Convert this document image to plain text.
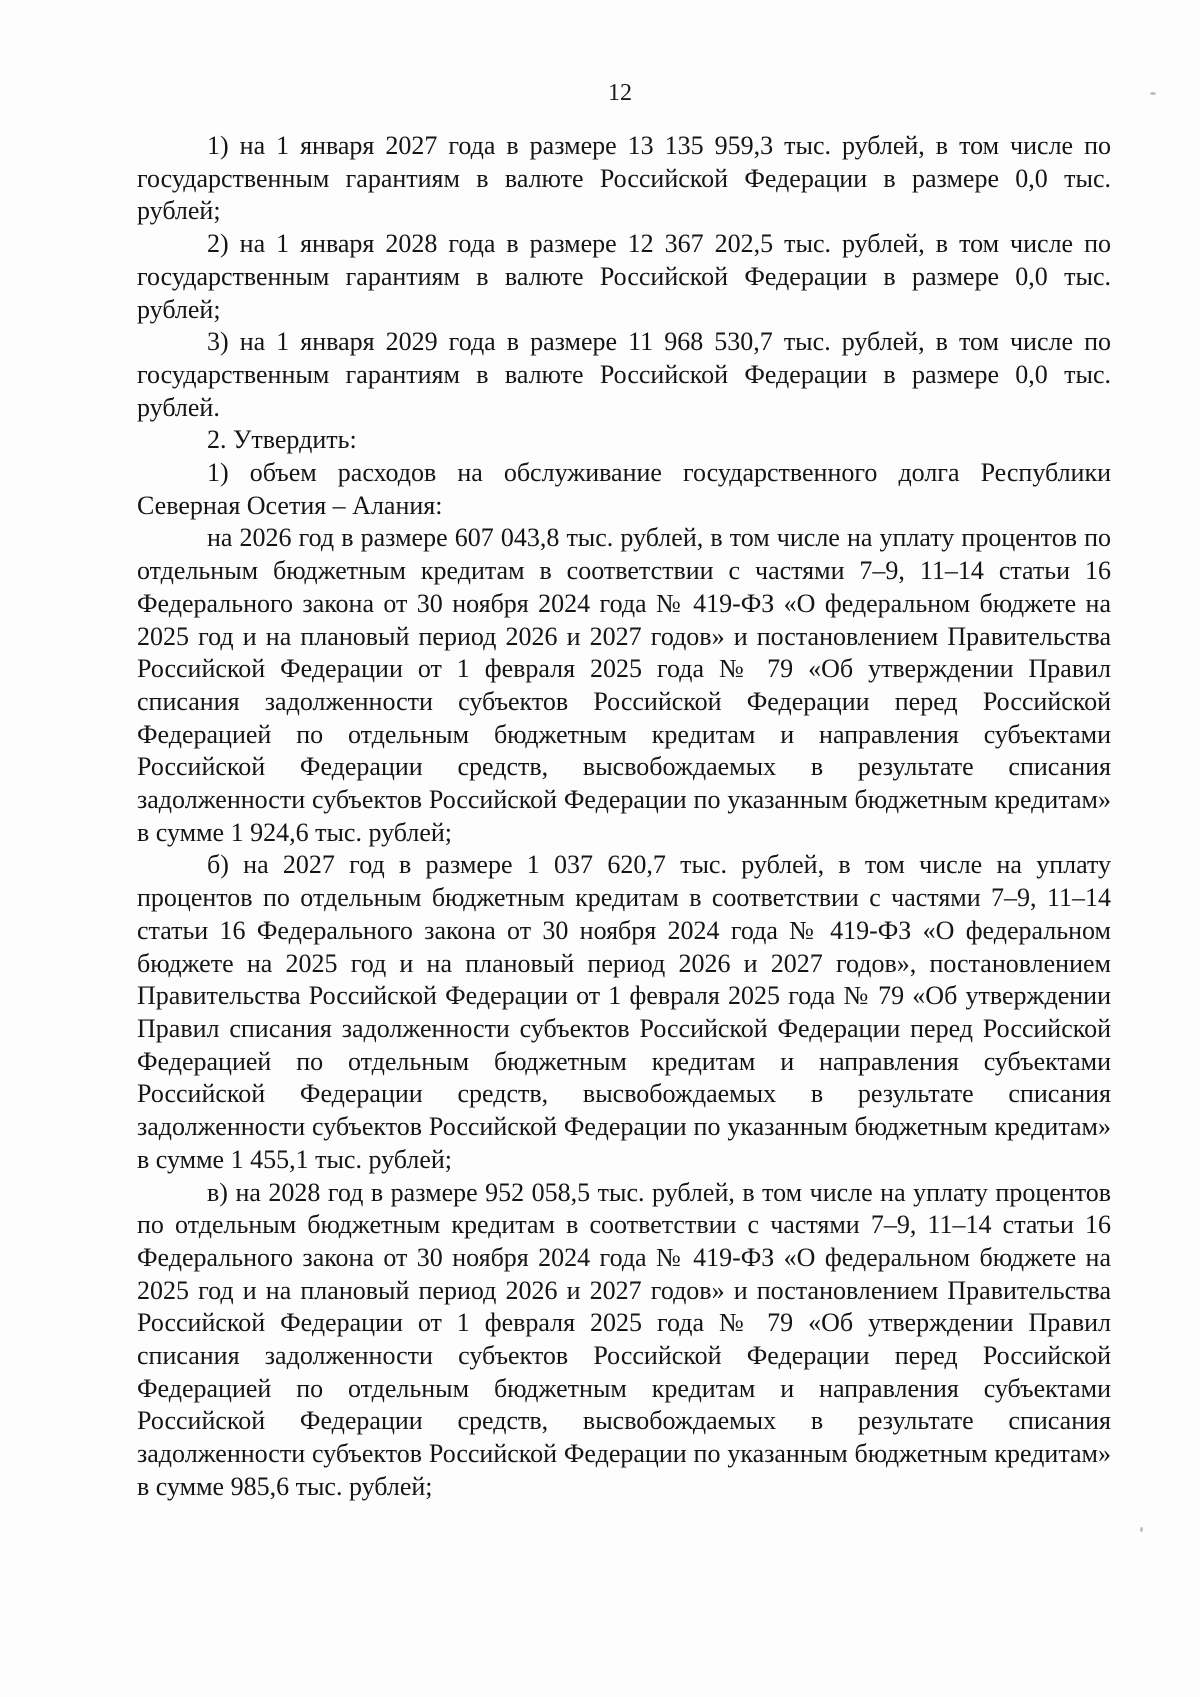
12

1) на 1 января 2027 года в размере 13 135 959,3 тыс. рублей, в том числе по государственным гарантиям в валюте Российской Федерации в размере 0,0 тыс. рублей;

2) на 1 января 2028 года в размере 12 367 202,5 тыс. рублей, в том числе по государственным гарантиям в валюте Российской Федерации в размере 0,0 тыс. рублей;

3) на 1 января 2029 года в размере 11 968 530,7 тыс. рублей, в том числе по государственным гарантиям в валюте Российской Федерации в размере 0,0 тыс. рублей.

2. Утвердить:

1) объем расходов на обслуживание государственного долга Республики Северная Осетия – Алания:

на 2026 год в размере 607 043,8 тыс. рублей, в том числе на уплату процентов по отдельным бюджетным кредитам в соответствии с частями 7–9, 11–14 статьи 16 Федерального закона от 30 ноября 2024 года № 419-ФЗ «О федеральном бюджете на 2025 год и на плановый период 2026 и 2027 годов» и постановлением Правительства Российской Федерации от 1 февраля 2025 года № 79 «Об утверждении Правил списания задолженности субъектов Российской Федерации перед Российской Федерацией по отдельным бюджетным кредитам и направления субъектами Российской Федерации средств, высвобождаемых в результате списания задолженности субъектов Российской Федерации по указанным бюджетным кредитам» в сумме 1 924,6 тыс. рублей;

б) на 2027 год в размере 1 037 620,7 тыс. рублей, в том числе на уплату процентов по отдельным бюджетным кредитам в соответствии с частями 7–9, 11–14 статьи 16 Федерального закона от 30 ноября 2024 года № 419-ФЗ «О федеральном бюджете на 2025 год и на плановый период 2026 и 2027 годов», постановлением Правительства Российской Федерации от 1 февраля 2025 года № 79 «Об утверждении Правил списания задолженности субъектов Российской Федерации перед Российской Федерацией по отдельным бюджетным кредитам и направления субъектами Российской Федерации средств, высвобождаемых в результате списания задолженности субъектов Российской Федерации по указанным бюджетным кредитам» в сумме 1 455,1 тыс. рублей;

в) на 2028 год в размере 952 058,5 тыс. рублей, в том числе на уплату процентов по отдельным бюджетным кредитам в соответствии с частями 7–9, 11–14 статьи 16 Федерального закона от 30 ноября 2024 года № 419-ФЗ «О федеральном бюджете на 2025 год и на плановый период 2026 и 2027 годов» и постановлением Правительства Российской Федерации от 1 февраля 2025 года № 79 «Об утверждении Правил списания задолженности субъектов Российской Федерации перед Российской Федерацией по отдельным бюджетным кредитам и направления субъектами Российской Федерации средств, высвобождаемых в результате списания задолженности субъектов Российской Федерации по указанным бюджетным кредитам» в сумме 985,6 тыс. рублей;
